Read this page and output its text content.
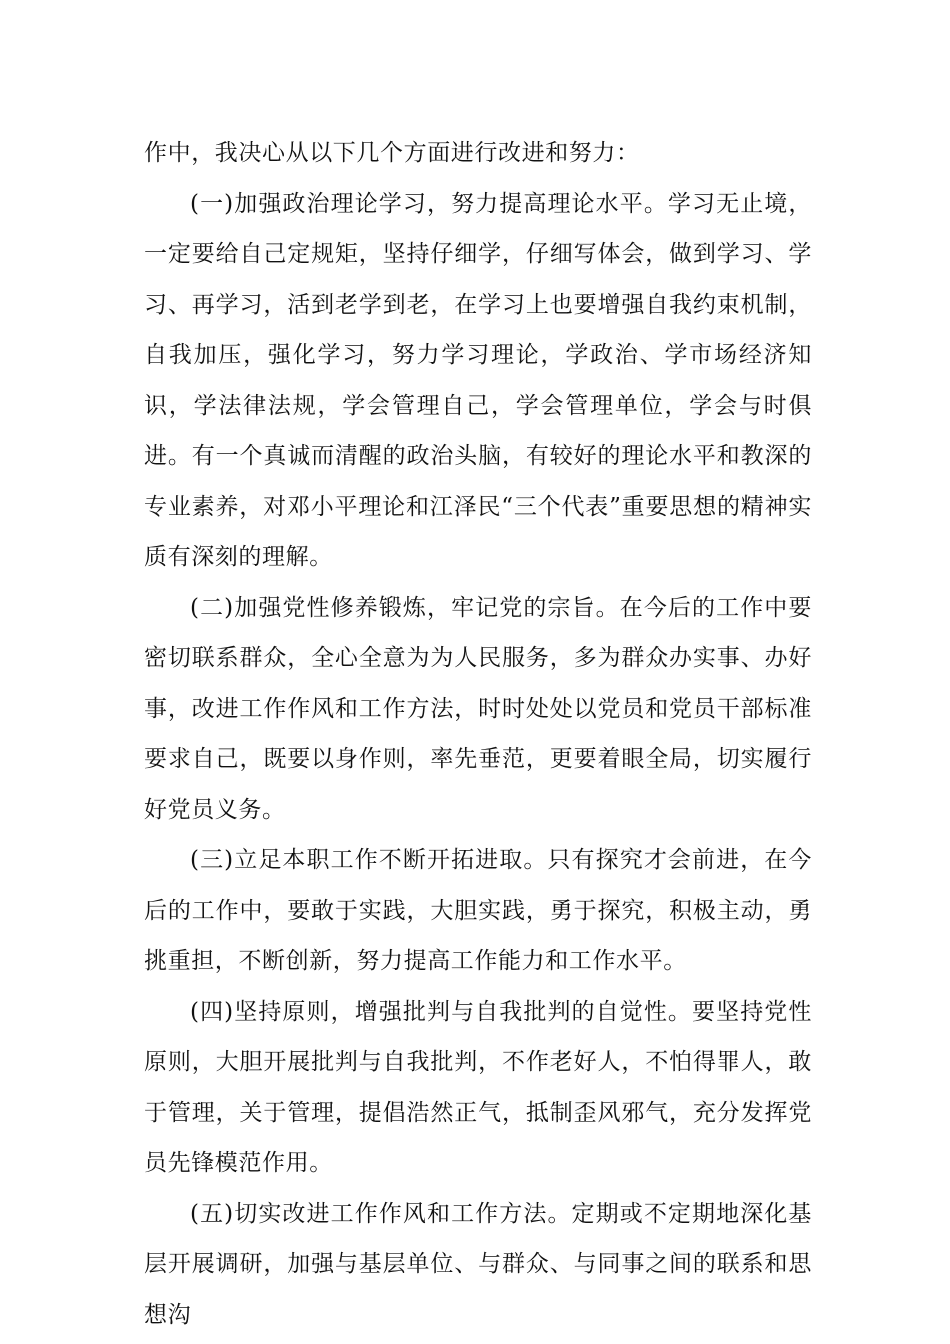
作中，我决心从以下几个方面进行改进和努力：

(一)加强政治理论学习，努力提高理论水平。学习无止境，一定要给自己定规矩，坚持仔细学，仔细写体会，做到学习、学习、再学习，活到老学到老，在学习上也要增强自我约束机制，自我加压，强化学习，努力学习理论，学政治、学市场经济知识，学法律法规，学会管理自己，学会管理单位，学会与时俱进。有一个真诚而清醒的政治头脑，有较好的理论水平和教深的专业素养，对邓小平理论和江泽民“三个代表”重要思想的精神实质有深刻的理解。

(二)加强党性修养锻炼，牢记党的宗旨。在今后的工作中要密切联系群众，全心全意为为人民服务，多为群众办实事、办好事，改进工作作风和工作方法，时时处处以党员和党员干部标准要求自己，既要以身作则，率先垂范，更要着眼全局，切实履行好党员义务。

(三)立足本职工作不断开拓进取。只有探究才会前进，在今后的工作中，要敢于实践，大胆实践，勇于探究，积极主动，勇挑重担，不断创新，努力提高工作能力和工作水平。

(四)坚持原则，增强批判与自我批判的自觉性。要坚持党性原则，大胆开展批判与自我批判，不作老好人，不怕得罪人，敢于管理，关于管理，提倡浩然正气，抵制歪风邪气，充分发挥党员先锋模范作用。

(五)切实改进工作作风和工作方法。定期或不定期地深化基层开展调研，加强与基层单位、与群众、与同事之间的联系和思想沟
